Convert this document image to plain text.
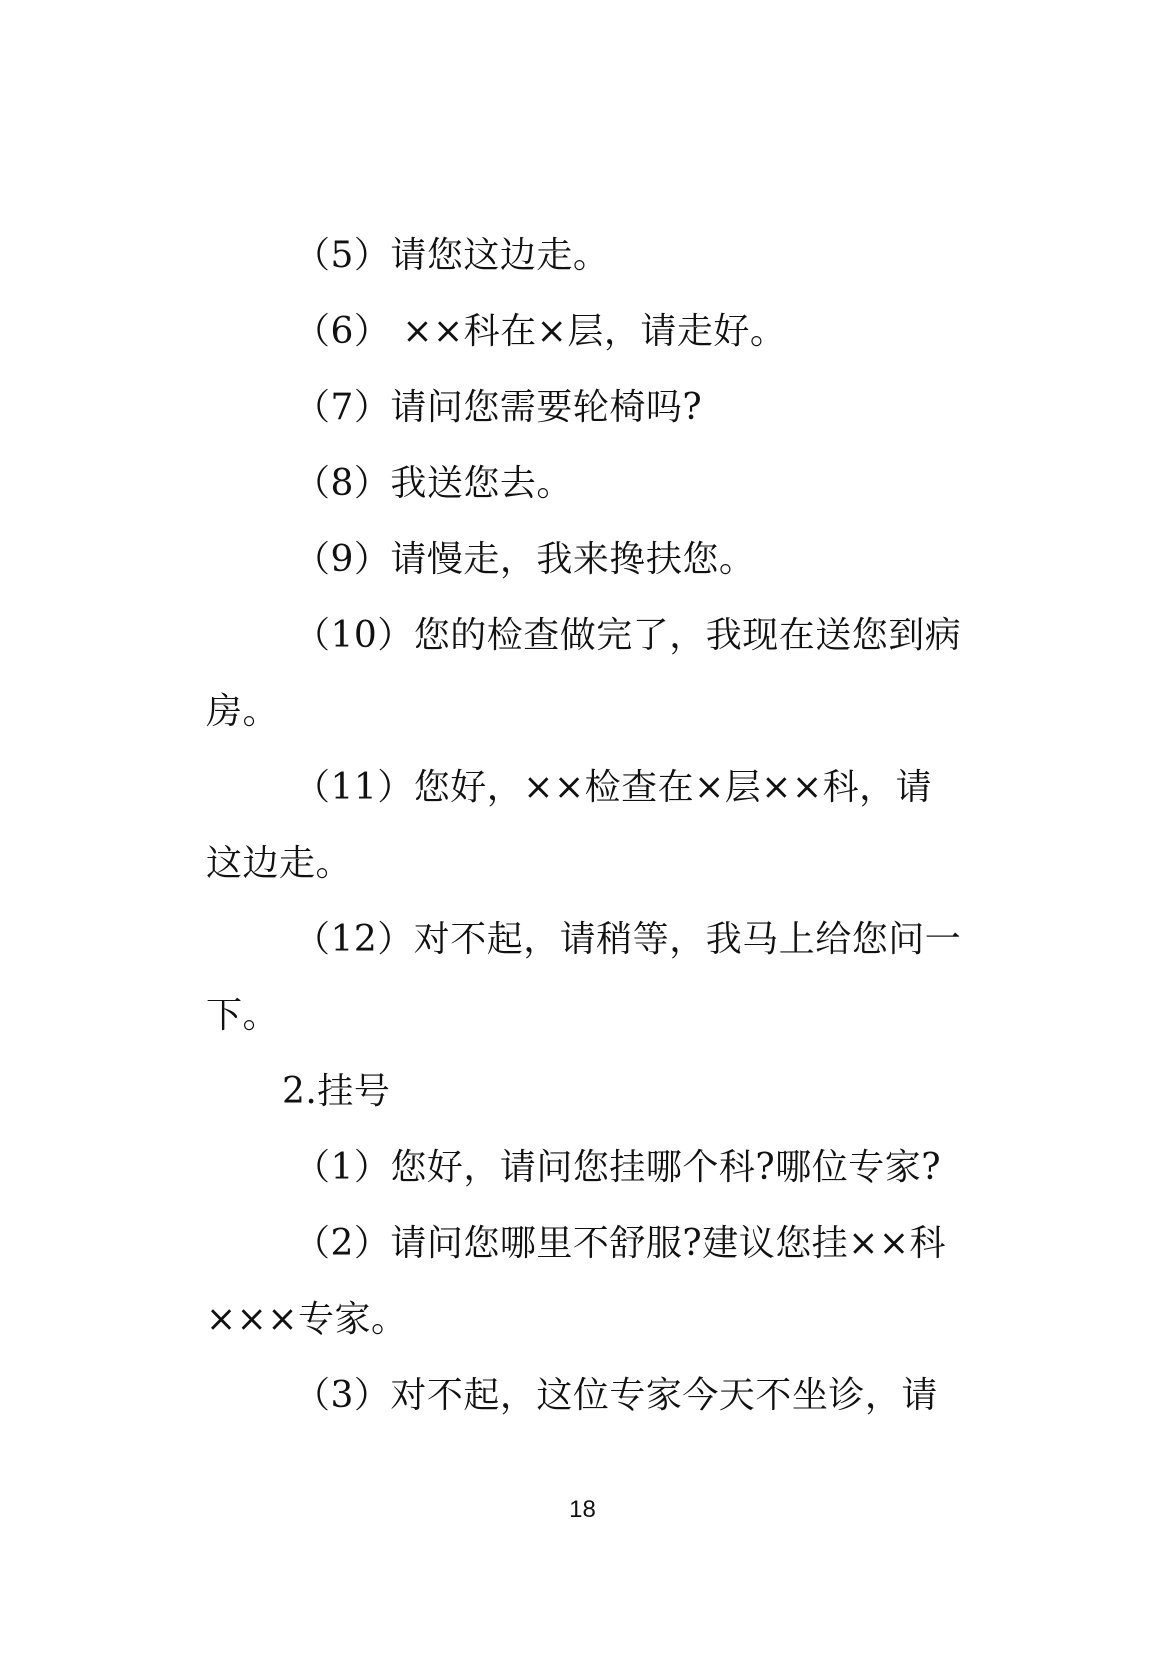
（5）请您这边走。

（6） ××科在×层，请走好。

（7）请问您需要轮椅吗?

（8）我送您去。

（9）请慢走，我来搀扶您。

（10）您的检查做完了，我现在送您到病

房。

（11）您好，××检查在×层××科，请

这边走。

（12）对不起，请稍等，我马上给您问一

下。

2.挂号

（1）您好，请问您挂哪个科?哪位专家?

（2）请问您哪里不舒服?建议您挂××科

×××专家。

（3）对不起，这位专家今天不坐诊，请

18
